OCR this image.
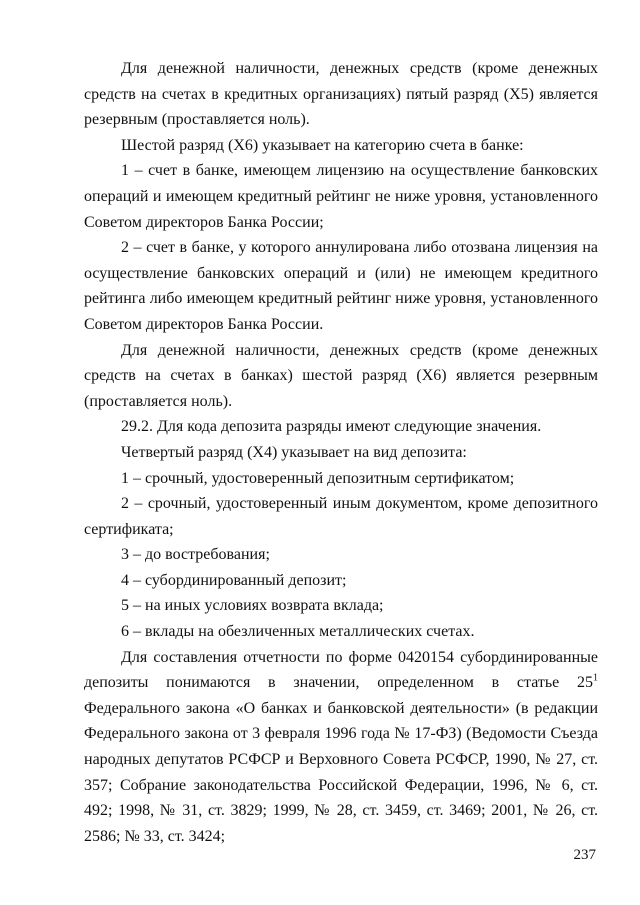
Для денежной наличности, денежных средств (кроме денежных средств на счетах в кредитных организациях) пятый разряд (Х5) является резервным (проставляется ноль).

Шестой разряд (Х6) указывает на категорию счета в банке:

1 – счет в банке, имеющем лицензию на осуществление банковских операций и имеющем кредитный рейтинг не ниже уровня, установленного Советом директоров Банка России;

2 – счет в банке, у которого аннулирована либо отозвана лицензия на осуществление банковских операций и (или) не имеющем кредитного рейтинга либо имеющем кредитный рейтинг ниже уровня, установленного Советом директоров Банка России.

Для денежной наличности, денежных средств (кроме денежных средств на счетах в банках) шестой разряд (Х6) является резервным (проставляется ноль).

29.2. Для кода депозита разряды имеют следующие значения.

Четвертый разряд (Х4) указывает на вид депозита:

1 – срочный, удостоверенный депозитным сертификатом;

2 – срочный, удостоверенный иным документом, кроме депозитного сертификата;

3 – до востребования;

4 – субординированный депозит;

5 – на иных условиях возврата вклада;

6 – вклады на обезличенных металлических счетах.

Для составления отчетности по форме 0420154 субординированные депозиты понимаются в значении, определенном в статье $25^1$ Федерального закона «О банках и банковской деятельности» (в редакции Федерального закона от 3 февраля 1996 года № 17-ФЗ) (Ведомости Съезда народных депутатов РСФСР и Верховного Совета РСФСР, 1990, № 27, ст. 357; Собрание законодательства Российской Федерации, 1996, № 6, ст. 492; 1998, № 31, ст. 3829; 1999, № 28, ст. 3459, ст. 3469; 2001, № 26, ст. 2586; № 33, ст. 3424;

237
